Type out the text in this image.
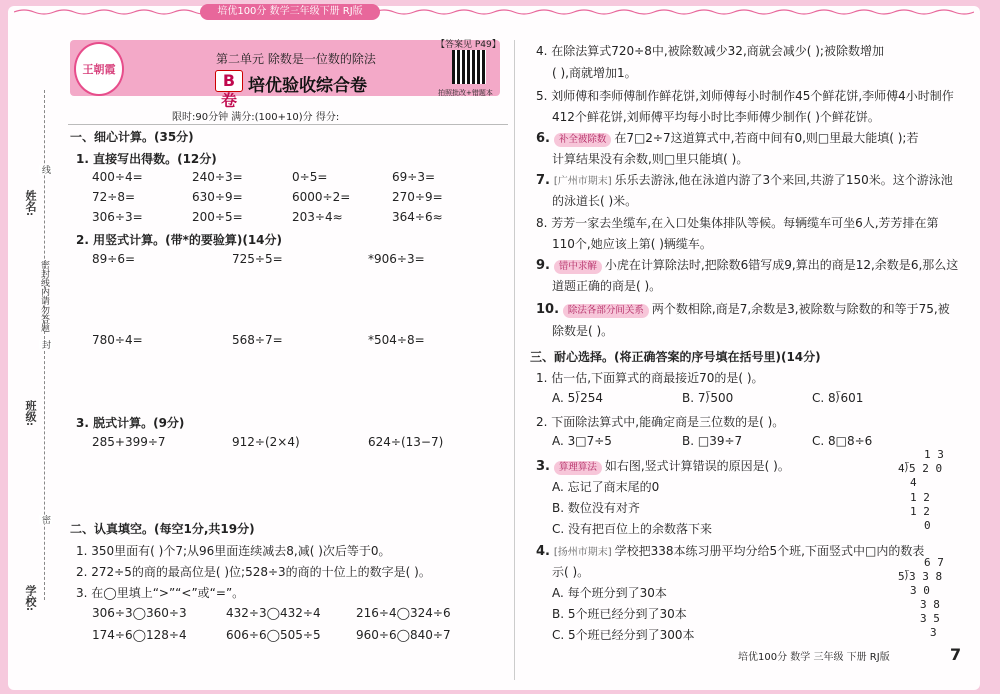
培优100分 数学三年级下册 RJ版
姓名:
班级:
学校:
密封线内请勿答题
线
封
密
王朝霞
第二单元 除数是一位数的除法
B卷
培优验收综合卷
【答案见 P49】
拍照批改+错题本
限时:90分钟 满分:(100+10)分 得分:
一、细心计算。(35分)
1. 直接写出得数。(12分)
400÷4=	240÷3=	0÷5=	69÷3=
72÷8=	630÷9=	6000÷2=	270÷9=
306÷3=	200÷5=	203÷4≈	364÷6≈
2. 用竖式计算。(带*的要验算)(14分)
89÷6=	725÷5=	*906÷3=
780÷4=	568÷7=	*504÷8=
3. 脱式计算。(9分)
285+399÷7	912÷(2×4)	624÷(13−7)
二、认真填空。(每空1分,共19分)
1. 350里面有( )个7;从96里面连续减去8,减( )次后等于0。
2. 272÷5的商的最高位是( )位;528÷3的商的十位上的数字是( )。
3. 在◯里填上“>”“<”或“=”。
306÷3◯360÷3	432÷3◯432÷4	216÷4◯324÷6
174÷6◯128÷4	606÷6◯505÷5	960÷6◯840÷7
4. 在除法算式720÷8中,被除数减少32,商就会减少( );被除数增加
( ),商就增加1。
5. 刘师傅和李师傅制作鲜花饼,刘师傅每小时制作45个鲜花饼,李师傅4小时制作
412个鲜花饼,刘师傅平均每小时比李师傅少制作( )个鲜花饼。
6. 补全被除数 在7□2÷7这道算式中,若商中间有0,则□里最大能填( );若
计算结果没有余数,则□里只能填( )。
7. [广州市期末] 乐乐去游泳,他在泳道内游了3个来回,共游了150米。这个游泳池
的泳道长( )米。
8. 芳芳一家去坐缆车,在入口处集体排队等候。每辆缆车可坐6人,芳芳排在第
110个,她应该上第( )辆缆车。
9. 错中求解 小虎在计算除法时,把除数6错写成9,算出的商是12,余数是6,那么这
道题正确的商是( )。
10. 除法各部分间关系 两个数相除,商是7,余数是3,被除数与除数的和等于75,被
除数是( )。
三、耐心选择。(将正确答案的序号填在括号里)(14分)
1. 估一估,下面算式的商最接近70的是( )。
A. 5⟌254	B. 7⟌500	C. 8⟌601
2. 下面除法算式中,能确定商是三位数的是( )。
A. 3□7÷5	B. □39÷7	C. 8□8÷6
3. 算理算法 如右图,竖式计算错误的原因是( )。
A. 忘记了商末尾的0
B. 数位没有对齐
C. 没有把百位上的余数落下来
4. [扬州市期末] 学校把338本练习册平均分给5个班,下面竖式中□内的数表
示( )。
A. 每个班分到了30本
B. 5个班已经分到了30本
C. 5个班已经分到了300本
1 3
4⟌5 2 0
4
1 2
1 2
0
6 7
5⟌3 3 8
3 0
3 8
3 5
3
培优100分 数学 三年级 下册 RJ版	7
